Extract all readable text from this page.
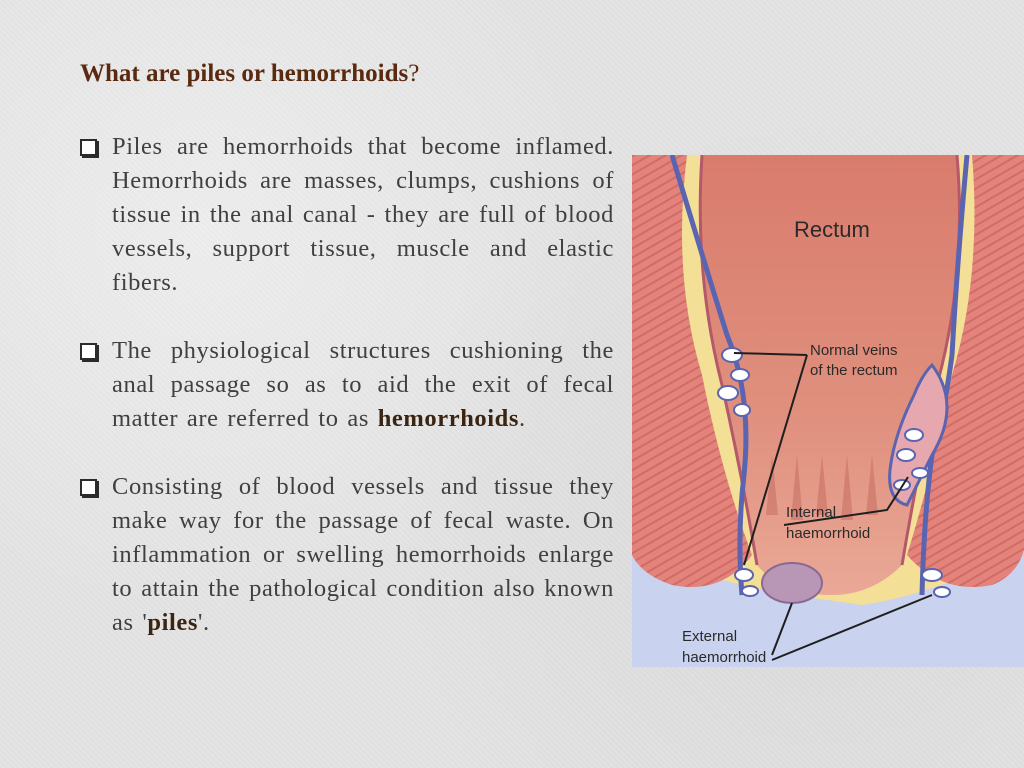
What are piles or hemorrhoids?
Piles are hemorrhoids that become inflamed. Hemorrhoids are masses, clumps, cushions of tissue in the anal canal - they are full of blood vessels, support tissue, muscle and elastic fibers.
The physiological structures cushioning the anal passage so as to aid the exit of fecal matter are referred to as hemorrhoids.
Consisting of blood vessels and tissue they make way for the passage of fecal waste. On inflammation or swelling hemorrhoids enlarge to attain the pathological condition also known as 'piles'.
Rectum
Normal veins
of the rectum
Internal
haemorrhoid
External
haemorrhoid
